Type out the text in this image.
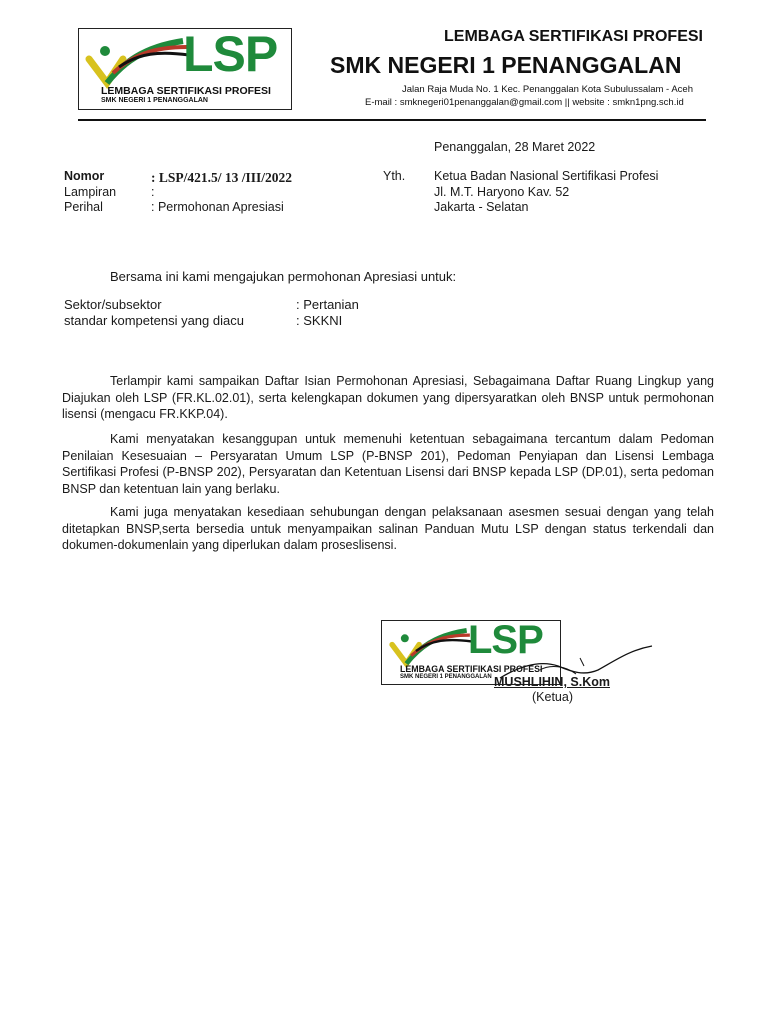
LSP
LEMBAGA SERTIFIKASI PROFESI
SMK NEGERI 1 PENANGGALAN
LEMBAGA SERTIFIKASI PROFESI
SMK NEGERI 1 PENANGGALAN
Jalan Raja Muda No. 1 Kec. Penanggalan Kota Subulussalam - Aceh
E-mail : smknegeri01penanggalan@gmail.com || website : smkn1png.sch.id
Penanggalan, 28 Maret 2022
Nomor	: LSP/421.5/ 13 /III/2022
Lampiran	:
Perihal	: Permohonan Apresiasi
Yth. Ketua Badan Nasional Sertifikasi Profesi
Jl. M.T. Haryono Kav. 52
Jakarta - Selatan
Bersama ini kami mengajukan permohonan Apresiasi untuk:
Sektor/subsektor	: Pertanian
standar kompetensi yang diacu	: SKKNI
Terlampir kami sampaikan Daftar Isian Permohonan Apresiasi, Sebagaimana Daftar Ruang Lingkup yang Diajukan oleh LSP (FR.KL.02.01), serta kelengkapan dokumen yang dipersyaratkan oleh BNSP untuk permohonan lisensi (mengacu FR.KKP.04).
Kami menyatakan kesanggupan untuk memenuhi ketentuan sebagaimana tercantum dalam Pedoman Penilaian Kesesuaian – Persyaratan Umum LSP (P-BNSP 201), Pedoman Penyiapan dan Lisensi Lembaga Sertifikasi Profesi (P-BNSP 202), Persyaratan dan Ketentuan Lisensi dari BNSP kepada LSP (DP.01), serta pedoman BNSP dan ketentuan lain yang berlaku.
Kami juga menyatakan kesediaan sehubungan dengan pelaksanaan asesmen sesuai dengan yang telah ditetapkan BNSP,serta bersedia untuk menyampaikan salinan Panduan Mutu LSP dengan status terkendali dan dokumen-dokumenlain yang diperlukan dalam proseslisensi.
LSP
LEMBAGA SERTIFIKASI PROFESI
SMK NEGERI 1 PENANGGALAN MUSHLIHIN, S.Kom
(Ketua)
